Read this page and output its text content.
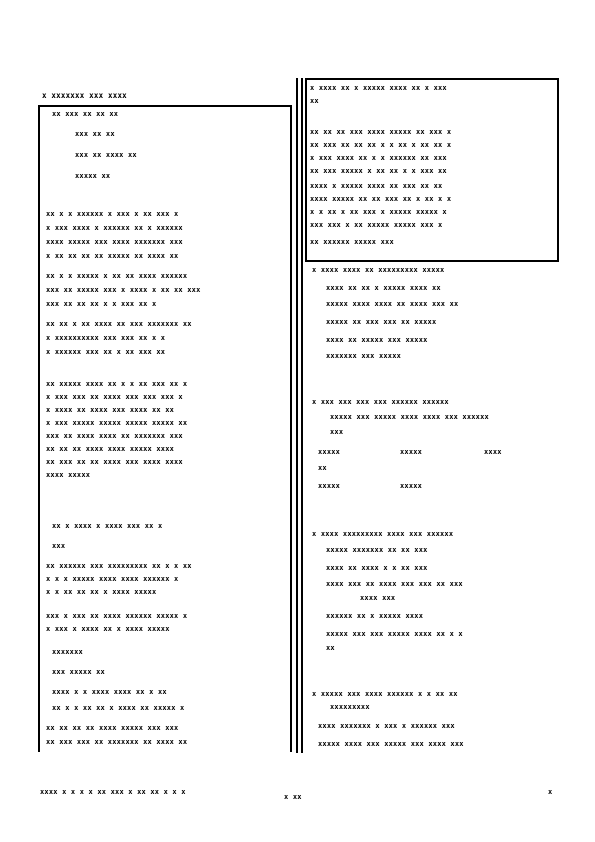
x xxxxxxx xxx xxxx
xx xxx xx xx xx
xxx xx xx
xxx xx xxxx xx
xxxxx xx
xx x x xxxxxx x xxx x xx xxx x
x xxx xxxx x xxxxxx xx x xxxxxx
xxxx xxxxx xxx xxxx xxxxxxx xxx
x xx xx xx xx xxxxx xx xxxx xx
xx x x xxxxx x xx xx xxxx xxxxxx
xxx xx xxxxx xxx x xxxx x xx xx xxx
xxx xx xx xx x x xxx xx x
xx xx x xx xxxx xx xxx xxxxxxx xx
x xxxxxxxxxx xxx xxx xx x x
x xxxxxx xxx xx x xx xxx xx
xx xxxxx xxxx xx x x xx xxx xx x
x xxx xxx xx xxxx xxx xxx xxx x
x xxxx xx xxxx xxx xxxx xx xx
x xxx xxxxx xxxxx xxxxx xxxxx xx
xxx xx xxxx xxxx xx xxxxxxx xxx
xx xx xx xxxx xxxx xxxxx xxxx
xx xxx xx xx xxxx xxx xxxx xxxx
xxxx xxxxx
xx x xxxx x xxxx xxx xx x
xxx
xx xxxxxx xxx xxxxxxxxx xx x x xx
x x x xxxxx xxxx xxxx xxxxxx x
x x xx xx xx x xxxx xxxxx
xxx x xxx xx xxxx xxxxxx xxxxx x
x xxx x xxxx xx x xxxx xxxxx
xxxxxxx
xxx xxxxx xx
xxxx x x xxxx xxxx xx x xx
xx x x xx xx x xxxx xx xxxxx x
xx xx xx xx xxxx xxxxx xxx xxx
xx xxx xxx xx xxxxxxx xx xxxx xx
x xxxx xx x xxxxx xxxx xx x xxx
xx
xx xx xx xxx xxxx xxxxx xx xxx x
xx xxx xx xx xx x x xx x xx xx x
x xxx xxxx xx x x xxxxxx xx xxx
xx xxx xxxxx x xx xx x x xxx xx
xxxx x xxxxx xxxx xx xxx xx xx
xxxx xxxxx xx xx xxx xx x xx x x
x x xx x xx xxx x xxxxx xxxxx x
xxx xxx x xx xxxxx xxxxx xxx x
xx xxxxxx xxxxx xxx
x xxxx xxxx xx xxxxxxxxx xxxxx
xxxx xx xx x xxxxx xxxx xx
xxxxx xxxx xxxx xx xxxx xxx xx
xxxxx xx xxx xxx xx xxxxx
xxxx xx xxxxx xxx xxxxx
xxxxxxx xxx xxxxx
x xxx xxx xxx xxx xxxxxx xxxxxx
xxxxx xxx xxxxx xxxx xxxx xxx xxxxxx
xxx
xxxxx	xxxxx	xxxx
xx
xxxxx	xxxxx
x xxxx xxxxxxxxx xxxx xxx xxxxxx
xxxxx xxxxxxx xx xx xxx
xxxx xx xxxx x x xx xxx
xxxx xxx xx xxxx xxx xxx xx xxx
xxxx xxx
xxxxxx xx x xxxxx xxxx
xxxxx xxx xxx xxxxx xxxx xx x x
xx
x xxxxx xxx xxxx xxxxxx x x xx xx
xxxxxxxxx
xxxx xxxxxxx x xxx x xxxxxx xxx
xxxxx xxxx xxx xxxxx xxx xxxx xxx
xxxx x x x x xx xxx x xx xx x x x
x xx
x
